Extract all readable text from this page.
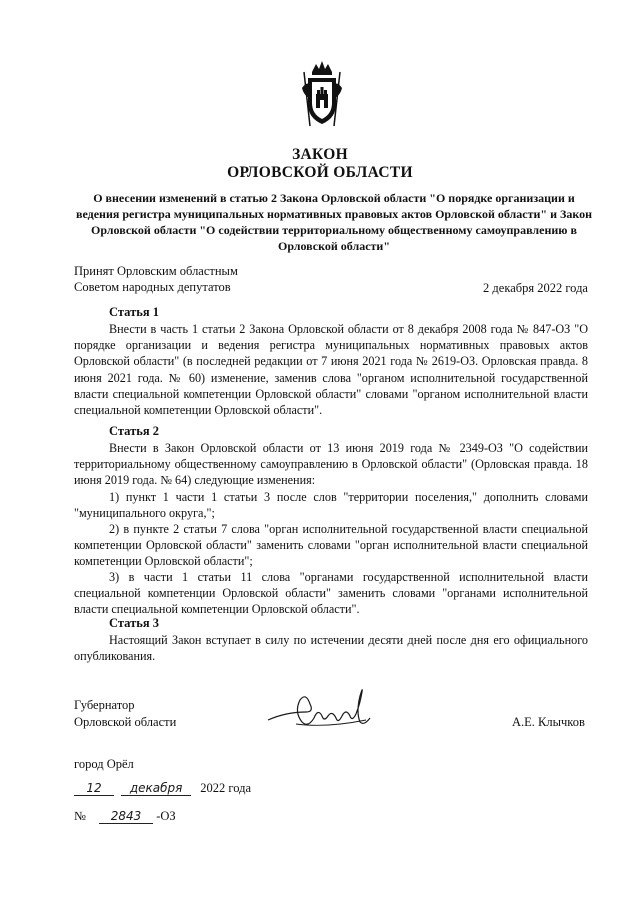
ЗАКОН
ОРЛОВСКОЙ ОБЛАСТИ
О внесении изменений в статью 2 Закона Орловской области "О порядке организации и ведения регистра муниципальных нормативных правовых актов Орловской области" и Закон Орловской области "О содействии территориальному общественному самоуправлению в Орловской области"
Принят Орловским областным
Советом народных депутатов	2 декабря 2022 года
Статья 1
Внести в часть 1 статьи 2 Закона Орловской области от 8 декабря 2008 года № 847-ОЗ "О порядке организации и ведения регистра муниципальных нормативных правовых актов Орловской области" (в последней редакции от 7 июня 2021 года № 2619-ОЗ. Орловская правда. 8 июня 2021 года. № 60) изменение, заменив слова "органом исполнительной государственной власти специальной компетенции Орловской области" словами "органом исполнительной власти специальной компетенции Орловской области".
Статья 2
Внести в Закон Орловской области от 13 июня 2019 года № 2349-ОЗ "О содействии территориальному общественному самоуправлению в Орловской области" (Орловская правда. 18 июня 2019 года. № 64) следующие изменения:
1) пункт 1 части 1 статьи 3 после слов "территории поселения," дополнить словами "муниципального округа,";
2) в пункте 2 статьи 7 слова "орган исполнительной государственной власти специальной компетенции Орловской области" заменить словами "орган исполнительной власти специальной компетенции Орловской области";
3) в части 1 статьи 11 слова "органами государственной исполнительной власти специальной компетенции Орловской области" заменить словами "органами исполнительной власти специальной компетенции Орловской области".
Статья 3
Настоящий Закон вступает в силу по истечении десяти дней после дня его официального опубликования.
Губернатор
Орловской области	А.Е. Клычков
город Орёл
12 декабря 2022 года
№ 2843 -ОЗ
